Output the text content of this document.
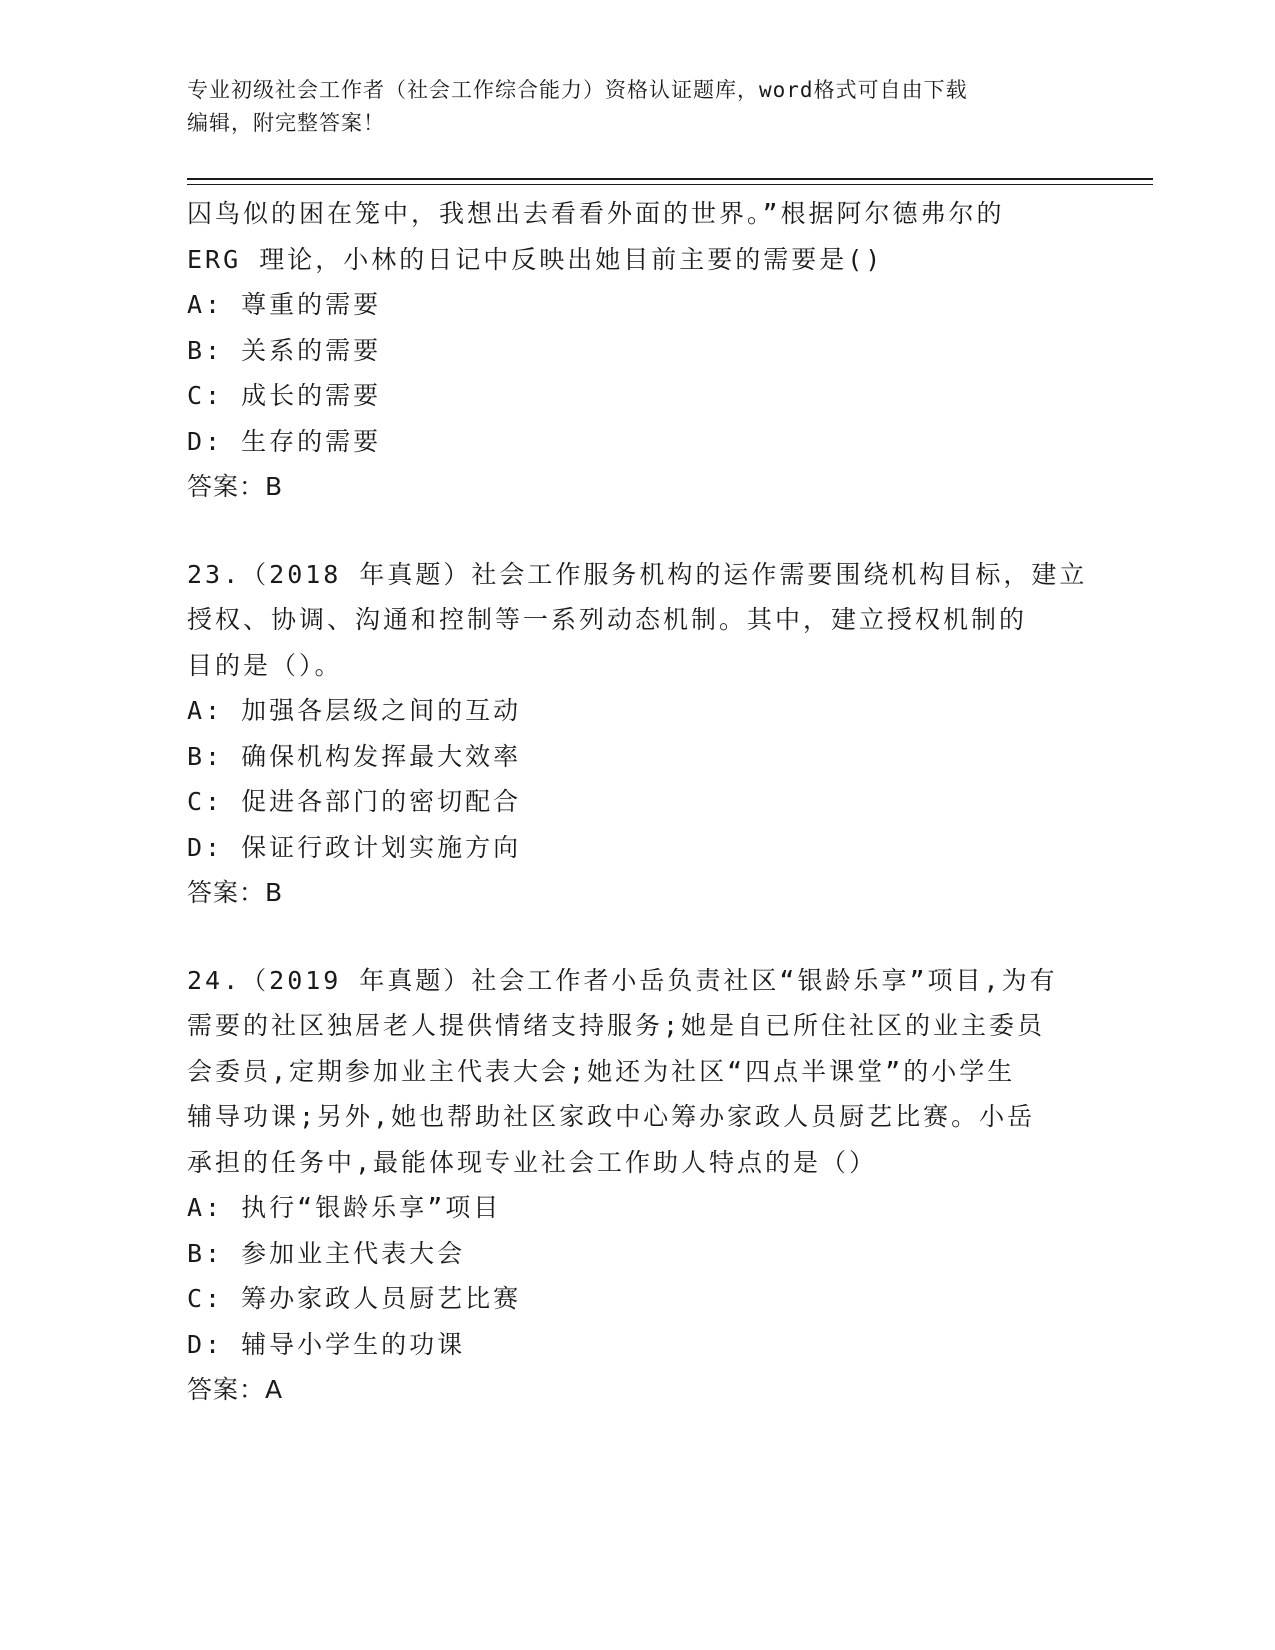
专业初级社会工作者（社会工作综合能力）资格认证题库，word格式可自由下载
编辑，附完整答案！
囚鸟似的困在笼中，我想出去看看外面的世界。”根据阿尔德弗尔的
ERG 理论，小林的日记中反映出她目前主要的需要是()
A: 尊重的需要
B: 关系的需要
C: 成长的需要
D: 生存的需要
答案：B
23.（2018 年真题）社会工作服务机构的运作需要围绕机构目标，建立
授权、协调、沟通和控制等一系列动态机制。其中，建立授权机制的
目的是（）。
A: 加强各层级之间的互动
B: 确保机构发挥最大效率
C: 促进各部门的密切配合
D: 保证行政计划实施方向
答案：B
24.（2019 年真题）社会工作者小岳负责社区“银龄乐享”项目,为有
需要的社区独居老人提供情绪支持服务;她是自已所住社区的业主委员
会委员,定期参加业主代表大会;她还为社区“四点半课堂”的小学生
辅导功课;另外,她也帮助社区家政中心筹办家政人员厨艺比赛。小岳
承担的任务中,最能体现专业社会工作助人特点的是（）
A: 执行“银龄乐享”项目
B: 参加业主代表大会
C: 筹办家政人员厨艺比赛
D: 辅导小学生的功课
答案：A
